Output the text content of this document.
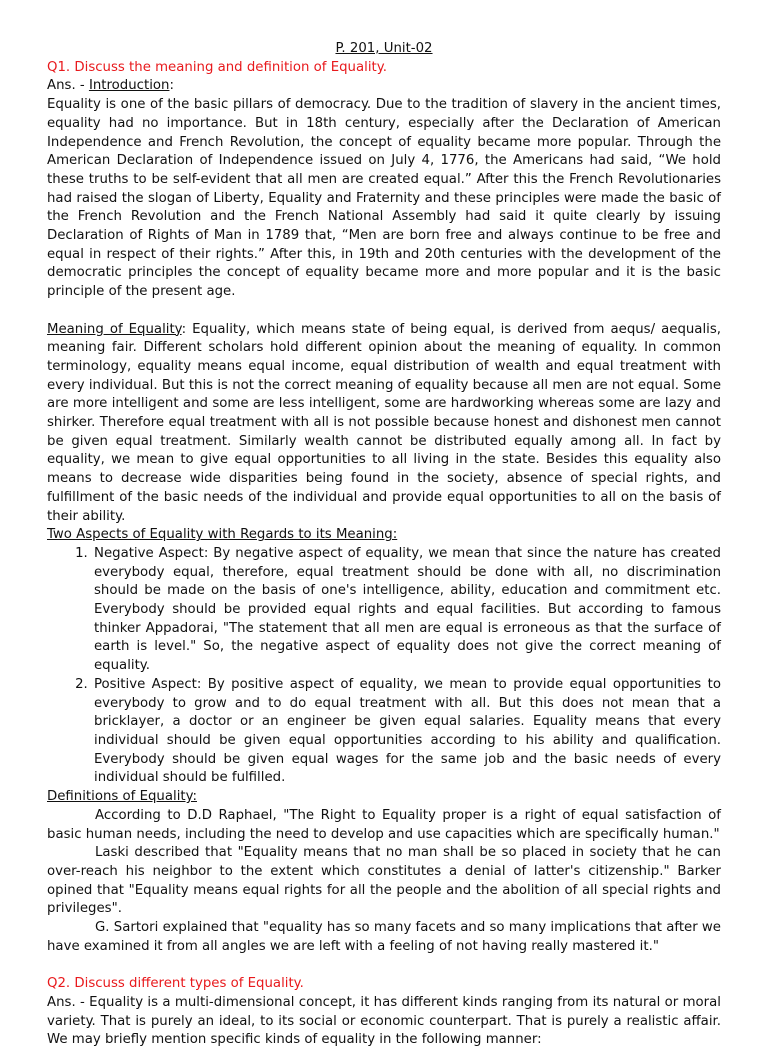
P. 201, Unit-02

Q1. Discuss the meaning and definition of Equality.

Ans. - Introduction:

Equality is one of the basic pillars of democracy. Due to the tradition of slavery in the ancient times, equality had no importance. But in 18th century, especially after the Declaration of American Independence and French Revolution, the concept of equality became more popular. Through the American Declaration of Independence issued on July 4, 1776, the Americans had said, “We hold these truths to be self-evident that all men are created equal.” After this the French Revolutionaries had raised the slogan of Liberty, Equality and Fraternity and these principles were made the basic of the French Revolution and the French National Assembly had said it quite clearly by issuing Declaration of Rights of Man in 1789 that, “Men are born free and always continue to be free and equal in respect of their rights.” After this, in 19th and 20th centuries with the development of the democratic principles the concept of equality became more and more popular and it is the basic principle of the present age.

Meaning of Equality: Equality, which means state of being equal, is derived from aequs/ aequalis, meaning fair. Different scholars hold different opinion about the meaning of equality. In common terminology, equality means equal income, equal distribution of wealth and equal treatment with every individual. But this is not the correct meaning of equality because all men are not equal. Some are more intelligent and some are less intelligent, some are hardworking whereas some are lazy and shirker. Therefore equal treatment with all is not possible because honest and dishonest men cannot be given equal treatment. Similarly wealth cannot be distributed equally among all. In fact by equality, we mean to give equal opportunities to all living in the state. Besides this equality also means to decrease wide disparities being found in the society, absence of special rights, and fulfillment of the basic needs of the individual and provide equal opportunities to all on the basis of their ability.

Two Aspects of Equality with Regards to its Meaning:

1. Negative Aspect: By negative aspect of equality, we mean that since the nature has created everybody equal, therefore, equal treatment should be done with all, no discrimination should be made on the basis of one's intelligence, ability, education and commitment etc. Everybody should be provided equal rights and equal facilities. But according to famous thinker Appadorai, "The statement that all men are equal is erroneous as that the surface of earth is level." So, the negative aspect of equality does not give the correct meaning of equality.
2. Positive Aspect: By positive aspect of equality, we mean to provide equal opportunities to everybody to grow and to do equal treatment with all. But this does not mean that a bricklayer, a doctor or an engineer be given equal salaries. Equality means that every individual should be given equal opportunities according to his ability and qualification. Everybody should be given equal wages for the same job and the basic needs of every individual should be fulfilled.

Definitions of Equality:

According to D.D Raphael, "The Right to Equality proper is a right of equal satisfaction of basic human needs, including the need to develop and use capacities which are specifically human."

Laski described that "Equality means that no man shall be so placed in society that he can over-reach his neighbor to the extent which constitutes a denial of latter's citizenship." Barker opined that "Equality means equal rights for all the people and the abolition of all special rights and privileges".

G. Sartori explained that "equality has so many facets and so many implications that after we have examined it from all angles we are left with a feeling of not having really mastered it."

Q2. Discuss different types of Equality.

Ans. - Equality is a multi-dimensional concept, it has different kinds ranging from its natural or moral variety. That is purely an ideal, to its social or economic counterpart. That is purely a realistic affair. We may briefly mention specific kinds of equality in the following manner:
